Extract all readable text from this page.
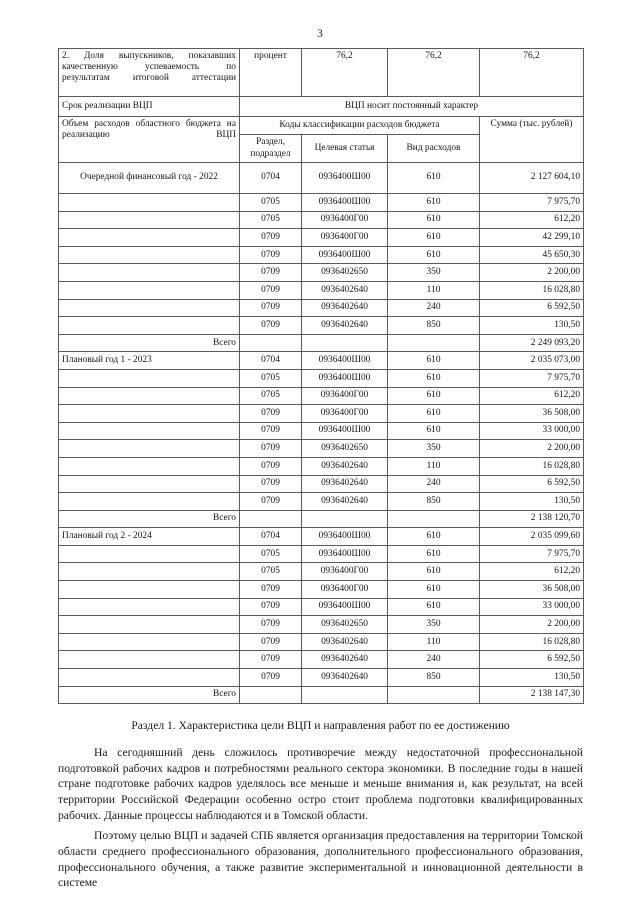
3
2. Доля выпускников, показавших качественную успеваемость по результатам итоговой аттестации	процент	76,2	76,2	76,2
Срок реализации ВЦП	ВЦП носит постоянный характер			
Объем расходов областного бюджета на реализацию ВЦП	Коды классификации расходов бюджета			Сумма (тыс. рублей)
	Раздел, подраздел	Целевая статья	Вид расходов	
Очередной финансовый год - 2022	0704	0936400Ш00	610	2 127 604,10
	0705	0936400Ш00	610	7 975,70
	0705	0936400Г00	610	612,20
	0709	0936400Г00	610	42 299,10
	0709	0936400Ш00	610	45 650,30
	0709	0936402650	350	2 200,00
	0709	0936402640	110	16 028,80
	0709	0936402640	240	6 592,50
	0709	0936402640	850	130,50
Всего				2 249 093,20
Плановый год 1 - 2023	0704	0936400Ш00	610	2 035 073,00
	0705	0936400Ш00	610	7 975,70
	0705	0936400Г00	610	612,20
	0709	0936400Г00	610	36 508,00
	0709	0936400Ш00	610	33 000,00
	0709	0936402650	350	2 200,00
	0709	0936402640	110	16 028,80
	0709	0936402640	240	6 592,50
	0709	0936402640	850	130,50
Всего				2 138 120,70
Плановый год 2 - 2024	0704	0936400Ш00	610	2 035 099,60
	0705	0936400Ш00	610	7 975,70
	0705	0936400Г00	610	612,20
	0709	0936400Г00	610	36 508,00
	0709	0936400Ш00	610	33 000,00
	0709	0936402650	350	2 200,00
	0709	0936402640	110	16 028,80
	0709	0936402640	240	6 592,50
	0709	0936402640	850	130,50
Всего				2 138 147,30
Раздел 1. Характеристика цели ВЦП и направления работ по ее достижению

На сегодняшний день сложилось противоречие между недостаточной профессиональной подготовкой рабочих кадров и потребностями реального сектора экономики. В последние годы в нашей стране подготовке рабочих кадров уделялось все меньше и меньше внимания и, как результат, на всей территории Российской Федерации особенно остро стоит проблема подготовки квалифицированных рабочих. Данные процессы наблюдаются и в Томской области.

Поэтому целью ВЦП и задачей СПБ является организация предоставления на территории Томской области среднего профессионального образования, дополнительного профессионального образования, профессионального обучения, а также развитие экспериментальной и инновационной деятельности в системе
